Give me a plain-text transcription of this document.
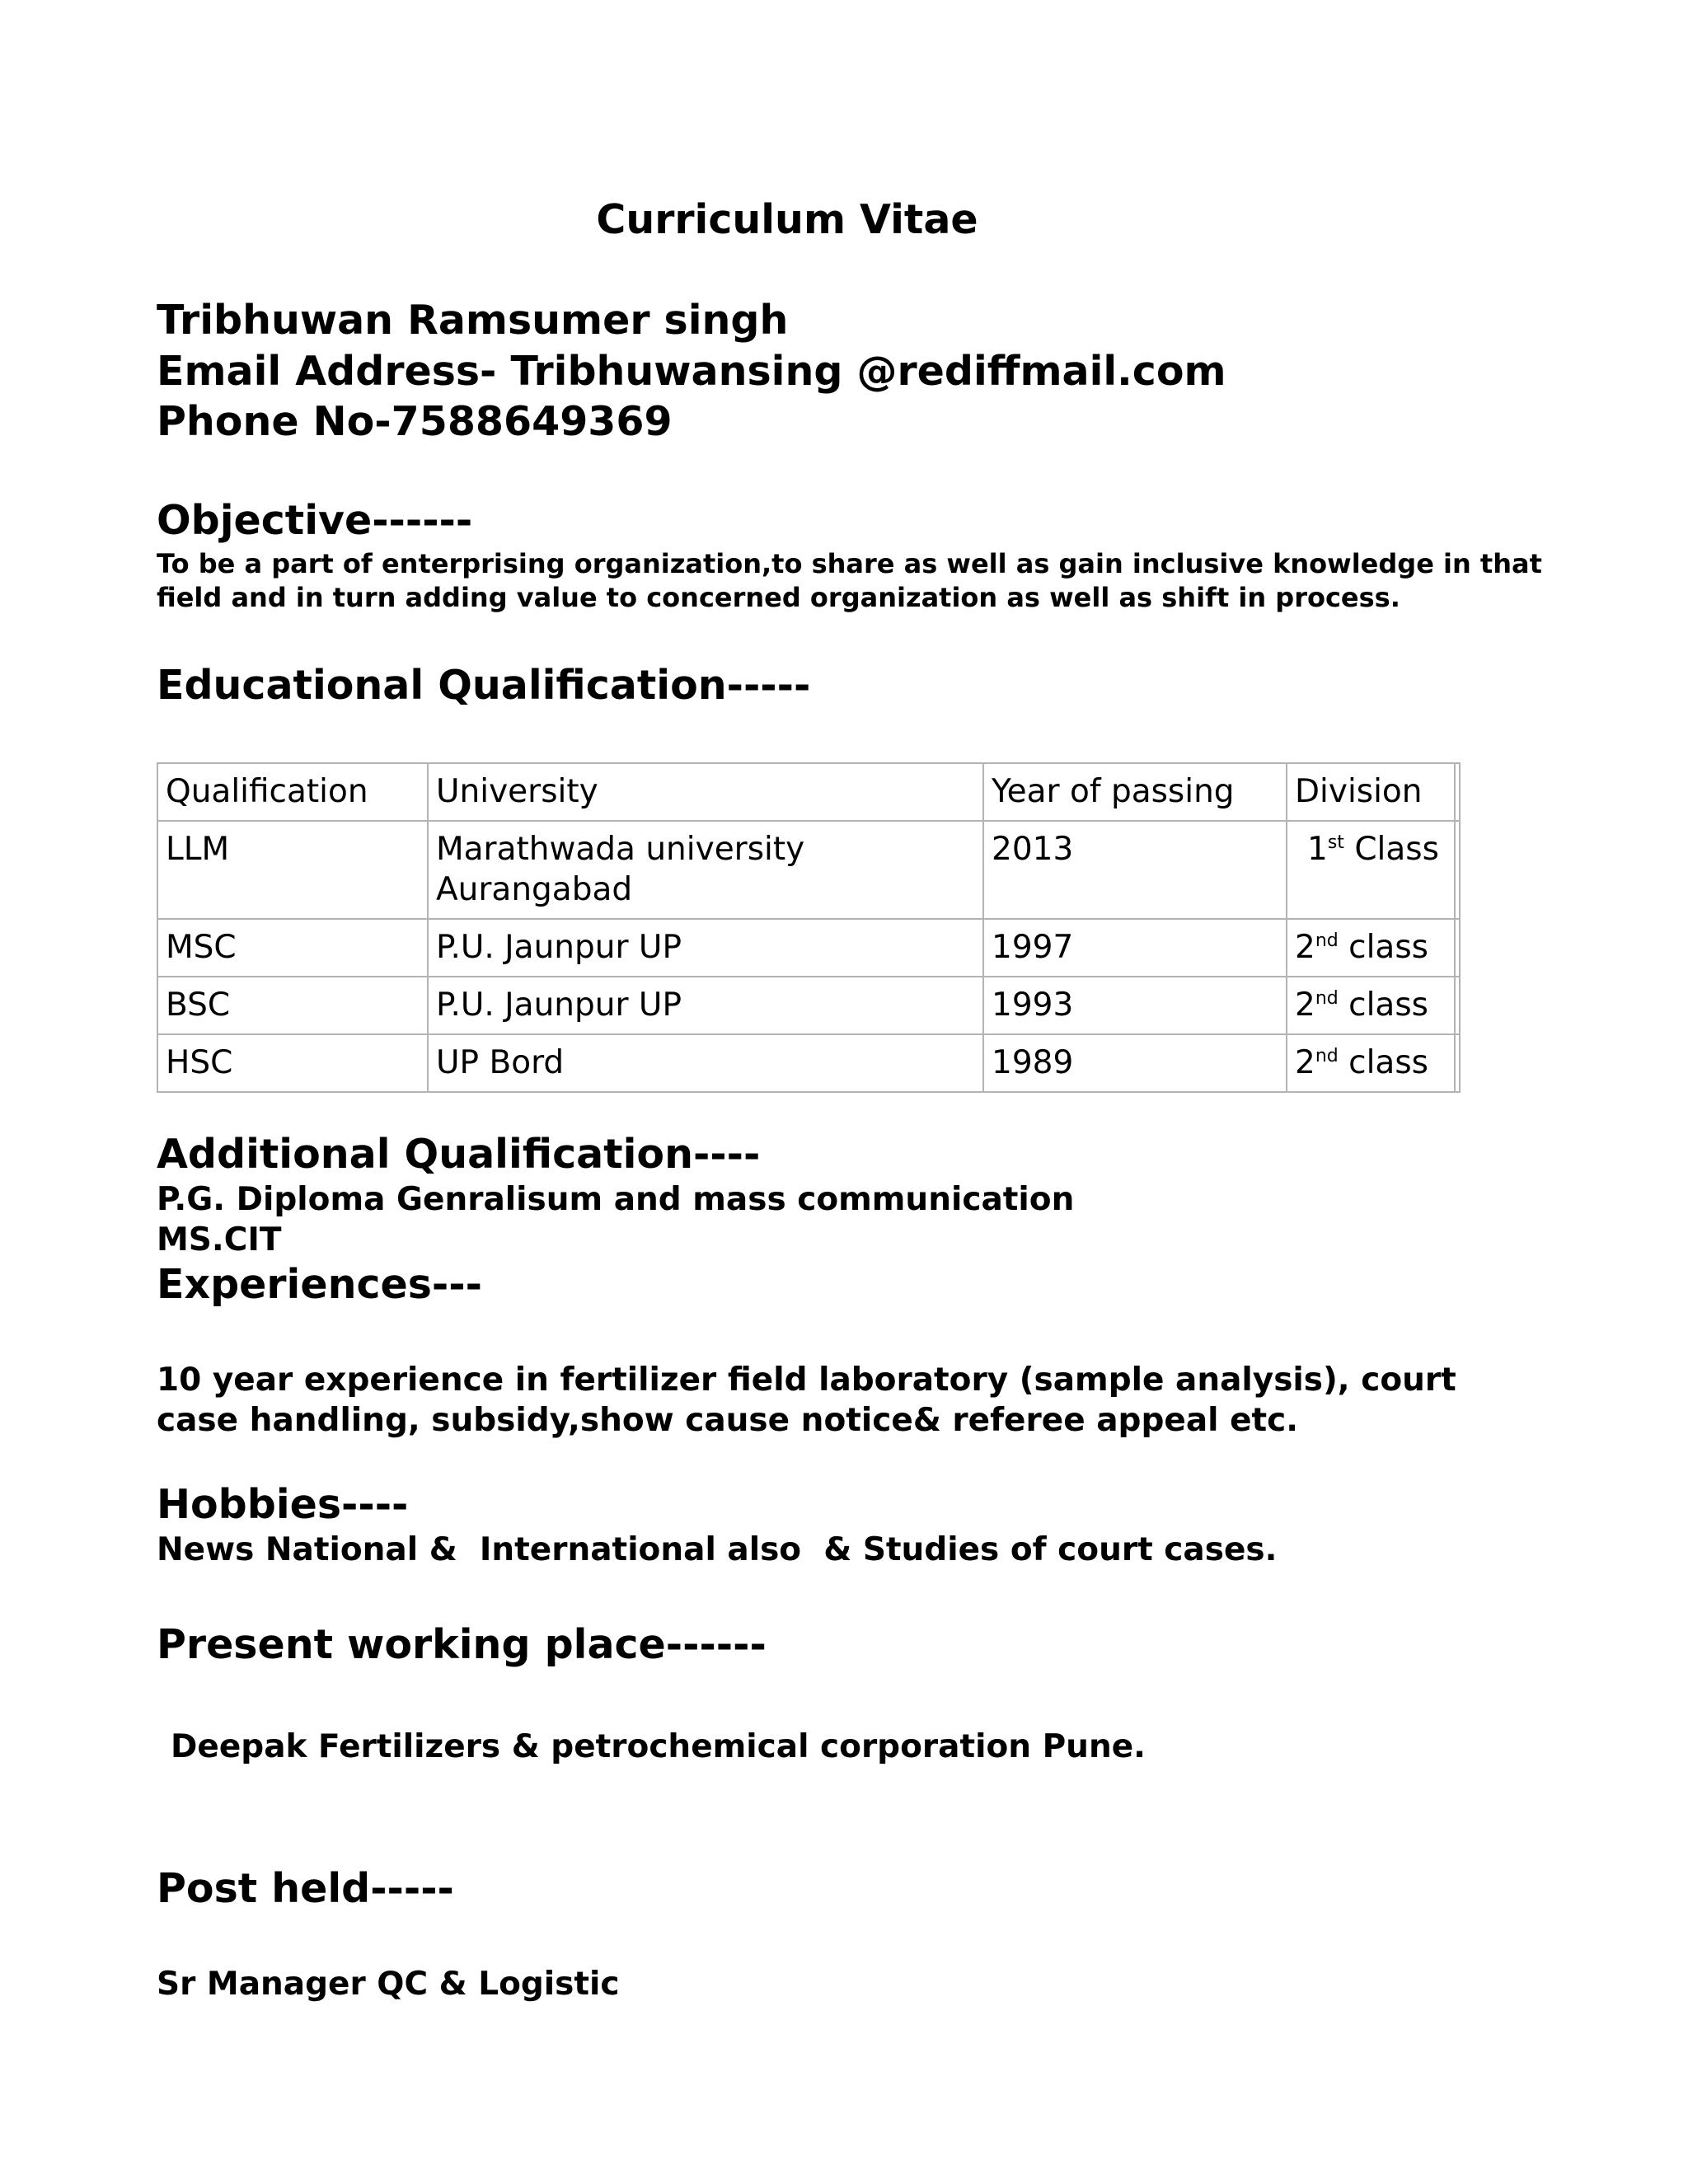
Curriculum Vitae
Tribhuwan Ramsumer singh
Email Address- Tribhuwansing @rediffmail.com
Phone No-7588649369
Objective------
To be a part of enterprising organization,to share as well as gain inclusive knowledge in that field and in turn adding value to concerned organization as well as shift in process.
Educational Qualification-----
Qualification	University	Year of passing	Division	
LLM	Marathwada university Aurangabad	2013	1st Class	
MSC	P.U. Jaunpur UP	1997	2nd class	
BSC	P.U. Jaunpur UP	1993	2nd class	
HSC	UP Bord	1989	2nd class	
Additional Qualification----
P.G. Diploma Genralisum and mass communication
MS.CIT
Experiences---
10 year experience in fertilizer field laboratory (sample analysis), court case handling, subsidy,show cause notice& referee appeal etc.
Hobbies----
News National &  International also  & Studies of court cases.
Present working place------
Deepak Fertilizers & petrochemical corporation Pune.
Post held-----
Sr Manager QC & Logistic
